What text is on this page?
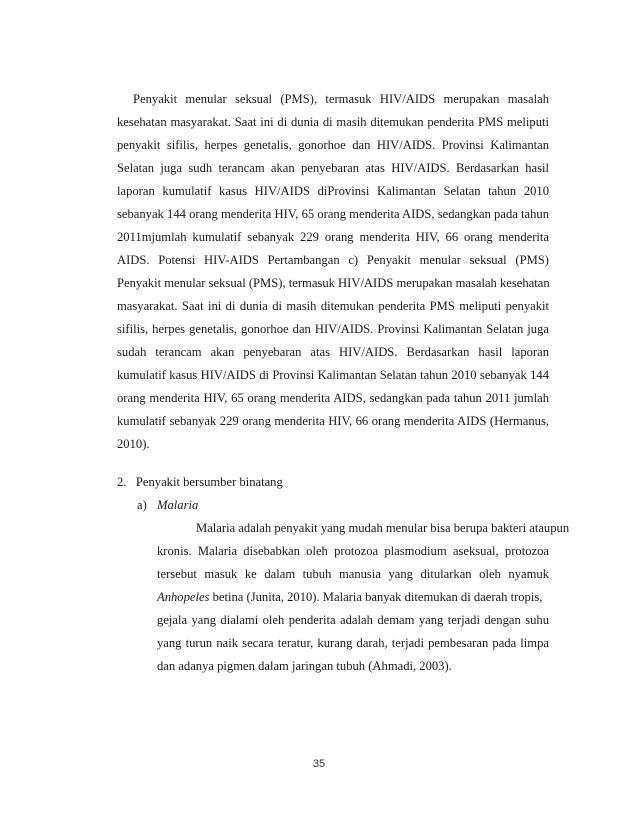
Penyakit menular seksual (PMS), termasuk HIV/AIDS merupakan masalah
kesehatan masyarakat. Saat ini di dunia di masih ditemukan penderita PMS meliputi
penyakit sifilis, herpes genetalis, gonorhoe dan HIV/AIDS. Provinsi Kalimantan
Selatan juga sudh terancam akan penyebaran atas HIV/AIDS. Berdasarkan hasil
laporan kumulatif kasus HIV/AIDS diProvinsi Kalimantan Selatan tahun 2010
sebanyak 144 orang menderita HIV, 65 orang menderita AIDS, sedangkan pada tahun
2011mjumlah kumulatif sebanyak 229 orang menderita HIV, 66 orang menderita
AIDS. Potensi HIV-AIDS Pertambangan c) Penyakit menular seksual (PMS)
Penyakit menular seksual (PMS), termasuk HIV/AIDS merupakan masalah kesehatan
masyarakat. Saat ini di dunia di masih ditemukan penderita PMS meliputi penyakit
sifilis, herpes genetalis, gonorhoe dan HIV/AIDS. Provinsi Kalimantan Selatan juga
sudah terancam akan penyebaran atas HIV/AIDS. Berdasarkan hasil laporan
kumulatif kasus HIV/AIDS di Provinsi Kalimantan Selatan tahun 2010 sebanyak 144
orang menderita HIV, 65 orang menderita AIDS, sedangkan pada tahun 2011 jumlah
kumulatif sebanyak 229 orang menderita HIV, 66 orang menderita AIDS (Hermanus,
2010).
2.   Penyakit bersumber binatang
a) Malaria
Malaria adalah penyakit yang mudah menular bisa berupa bakteri ataupun
kronis. Malaria disebabkan oleh protozoa plasmodium aseksual, protozoa
tersebut masuk ke dalam tubuh manusia yang ditularkan oleh nyamuk
Anhopeles betina (Junita, 2010). Malaria banyak ditemukan di daerah tropis,
gejala yang dialami oleh penderita adalah demam yang terjadi dengan suhu
yang turun naik secara teratur, kurang darah, terjadi pembesaran pada limpa
dan adanya pigmen dalam jaringan tubuh (Ahmadi, 2003).
35
